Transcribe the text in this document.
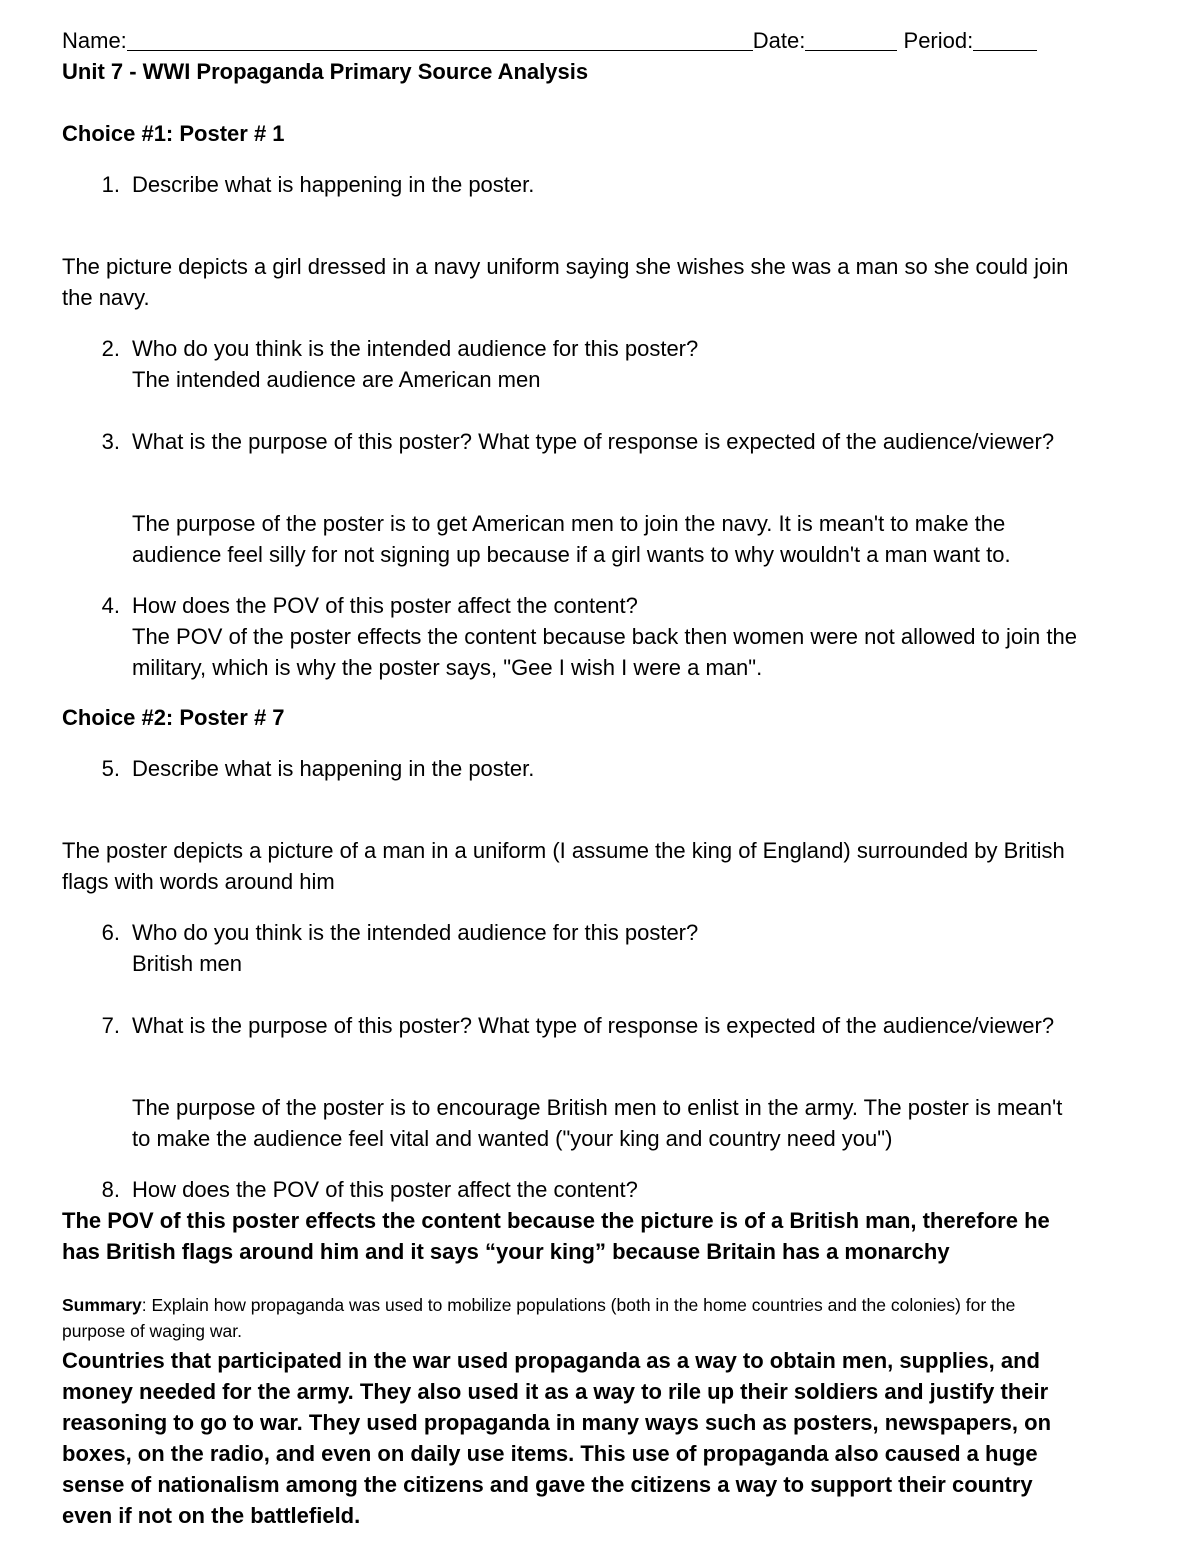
Name:	Date:	Period:
Unit 7 - WWI Propaganda Primary Source Analysis
Choice #1: Poster # 1
1. Describe what is happening in the poster.
The picture depicts a girl dressed in a navy uniform saying she wishes she was a man so she could join
the navy.
2. Who do you think is the intended audience for this poster?
The intended audience are American men
3. What is the purpose of this poster? What type of response is expected of the audience/viewer?
The purpose of the poster is to get American men to join the navy. It is mean't to make the
audience feel silly for not signing up because if a girl wants to why wouldn't a man want to.
4. How does the POV of this poster affect the content?
The POV of the poster effects the content because back then women were not allowed to join the
military, which is why the poster says, "Gee I wish I were a man".
Choice #2: Poster # 7
5. Describe what is happening in the poster.
The poster depicts a picture of a man in a uniform (I assume the king of England) surrounded by British
flags with words around him
6. Who do you think is the intended audience for this poster?
British men
7. What is the purpose of this poster? What type of response is expected of the audience/viewer?
The purpose of the poster is to encourage British men to enlist in the army. The poster is mean't
to make the audience feel vital and wanted ("your king and country need you")
8. How does the POV of this poster affect the content?
The POV of this poster effects the content because the picture is of a British man, therefore he
has British flags around him and it says “your king” because Britain has a monarchy
Summary: Explain how propaganda was used to mobilize populations (both in the home countries and the colonies) for the
purpose of waging war.
Countries that participated in the war used propaganda as a way to obtain men, supplies, and
money needed for the army. They also used it as a way to rile up their soldiers and justify their
reasoning to go to war. They used propaganda in many ways such as posters, newspapers, on
boxes, on the radio, and even on daily use items. This use of propaganda also caused a huge
sense of nationalism among the citizens and gave the citizens a way to support their country
even if not on the battlefield.
